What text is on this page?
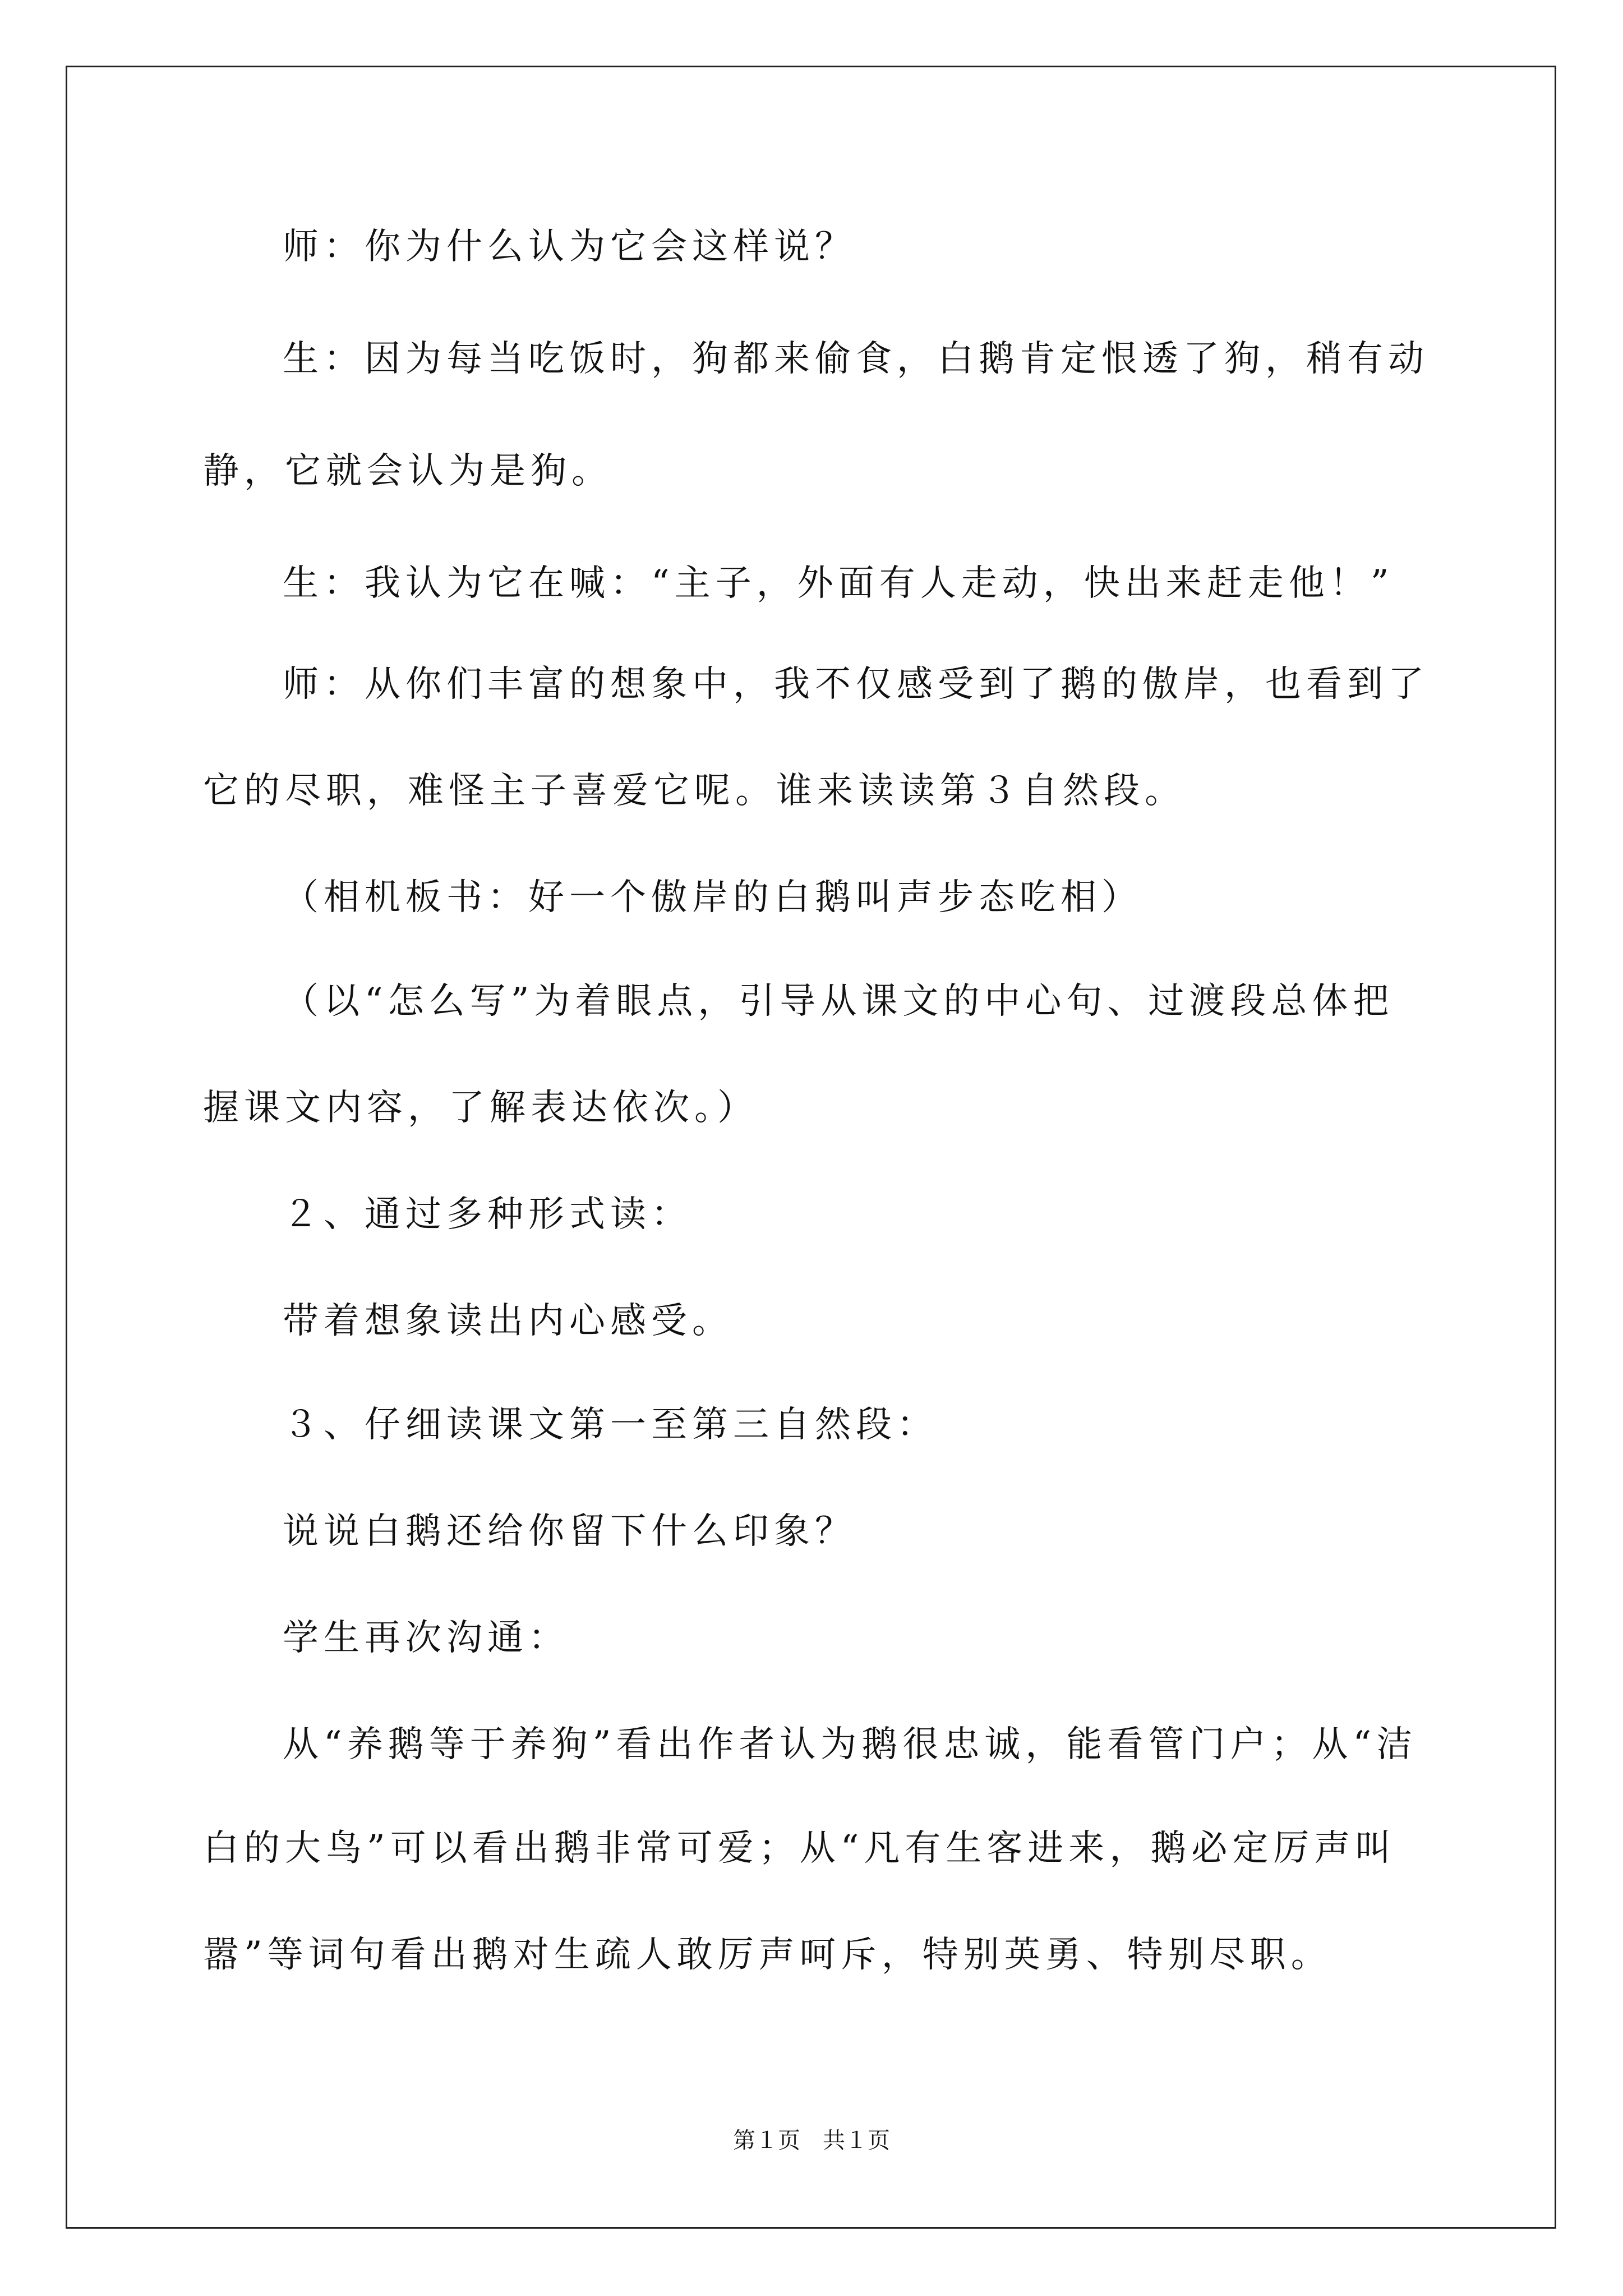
师：你为什么认为它会这样说？
生：因为每当吃饭时，狗都来偷食，白鹅肯定恨透了狗，稍有动
静，它就会认为是狗。
生：我认为它在喊：“主子，外面有人走动，快出来赶走他！”
师：从你们丰富的想象中，我不仅感受到了鹅的傲岸，也看到了
它的尽职，难怪主子喜爱它呢。谁来读读第３自然段。
（相机板书：好一个傲岸的白鹅叫声步态吃相）
（以“怎么写”为着眼点，引导从课文的中心句、过渡段总体把
握课文内容，了解表达依次。）
２、通过多种形式读：
带着想象读出内心感受。
３、仔细读课文第一至第三自然段：
说说白鹅还给你留下什么印象？
学生再次沟通：
从“养鹅等于养狗”看出作者认为鹅很忠诚，能看管门户；从“洁
白的大鸟”可以看出鹅非常可爱；从“凡有生客进来，鹅必定厉声叫
嚣”等词句看出鹅对生疏人敢厉声呵斥，特别英勇、特别尽职。
第１页　共１页
